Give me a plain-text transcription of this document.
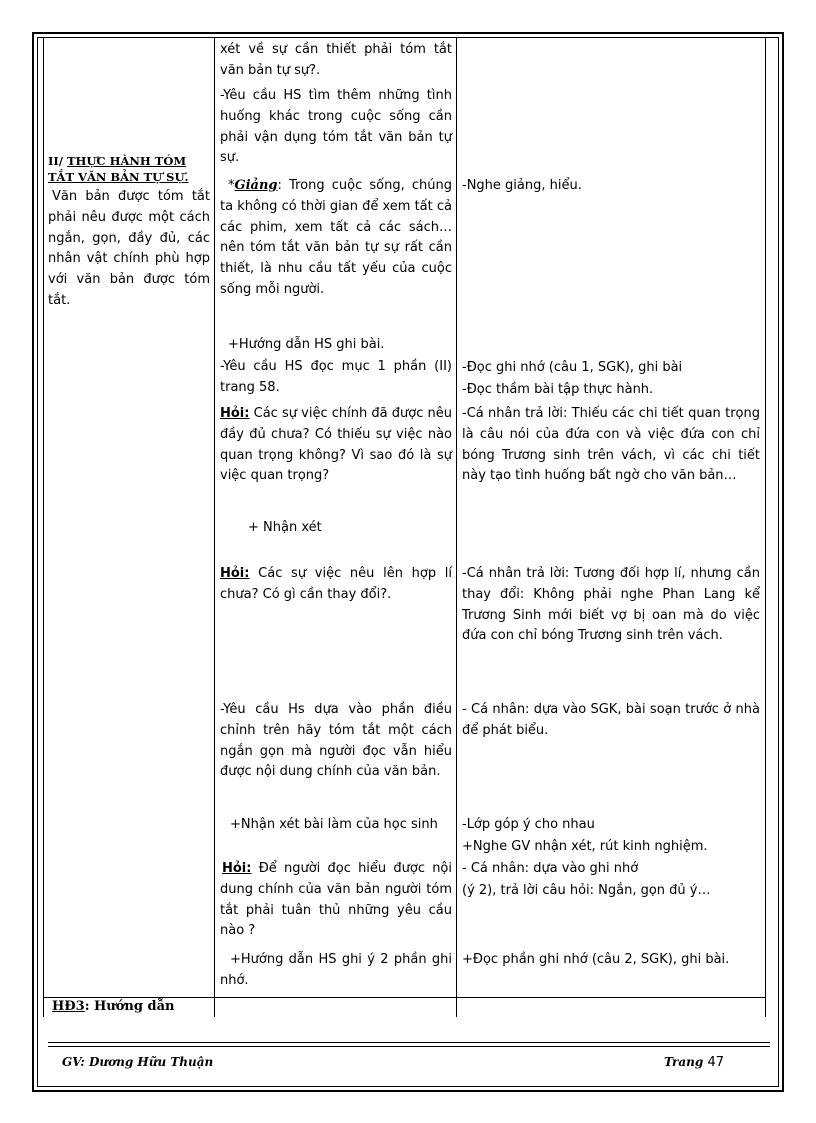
II/ THỰC HÀNH TÓM
TẮT VĂN BẢN TỰ SỰ.
Văn bản được tóm tắt phải nêu được một cách ngắn, gọn, đầy đủ, các nhân vật chính phù hợp với văn bản được tóm tắt.
HĐ3: Hướng dẫn
xét về sự cần thiết phải tóm tắt văn bản tự sự?.
-Yêu cầu HS tìm thêm những tình huống khác trong cuộc sống cần phải vận dụng tóm tắt văn bản tự sự.
*Giảng: Trong cuộc sống, chúng ta không có thời gian để xem tất cả các phim, xem tất cả các sách…nên tóm tắt văn bản tự sự rất cần thiết, là nhu cầu tất yếu của cuộc sống mỗi người.
+Hướng dẫn HS ghi bài.
-Yêu cầu HS đọc mục 1 phần (II) trang 58.
Hỏi: Các sự việc chính đã được nêu đầy đủ chưa? Có thiếu sự việc nào quan trọng không? Vì sao đó là sự việc quan trọng?
+ Nhận xét
Hỏi: Các sự việc nêu lên hợp lí chưa? Có gì cần thay đổi?.
-Yêu cầu Hs dựa vào phần điều chỉnh trên hãy tóm tắt một cách ngắn gọn mà người đọc vẫn hiểu được nội dung chính của văn bản.
+Nhận xét bài làm của học sinh
Hỏi: Để người đọc hiểu được nội dung chính của văn bản người tóm tắt phải tuân thủ những yêu cầu nào ?
+Hướng dẫn HS ghi ý 2 phần ghi nhớ.
-Nghe giảng, hiểu.
-Đọc ghi nhớ (câu 1, SGK), ghi bài
-Đọc thầm bài tập thực hành.
-Cá nhân trả lời: Thiếu các chi tiết quan trọng là câu nói của đứa con và việc đứa con chỉ bóng Trương sinh trên vách, vì các chi tiết này tạo tình huống bất ngờ cho văn bản…
-Cá nhân trả lời: Tương đối hợp lí, nhưng cần thay đổi: Không phải nghe Phan Lang kể Trương Sinh mới biết vợ bị oan mà do việc đứa con chỉ bóng Trương sinh trên vách.
- Cá nhân: dựa vào SGK, bài soạn trước ở nhà để phát biểu.
-Lớp góp ý cho nhau
+Nghe GV nhận xét, rút kinh nghiệm.
- Cá nhân: dựa vào ghi nhớ
(ý 2), trả lời câu hỏi: Ngắn, gọn đủ ý…
+Đọc phần ghi nhớ (câu 2, SGK), ghi bài.
GV: Dương Hữu Thuận	Trang 47
